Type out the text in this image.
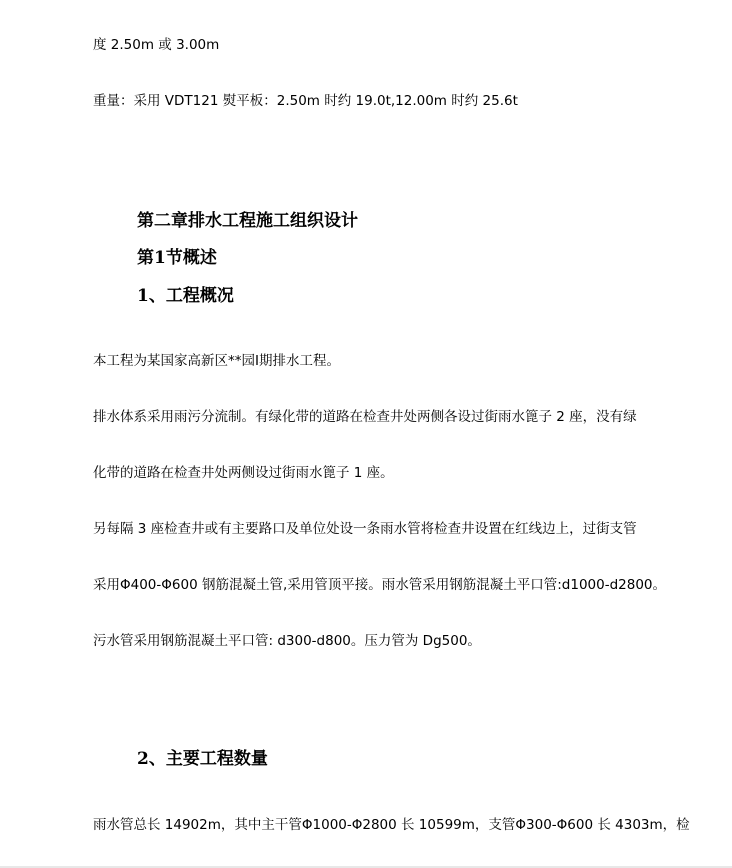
度 2.50m 或 3.00m
重量：采用 VDT121 熨平板：2.50m 时约 19.0t,12.00m 时约 25.6t
第二章排水工程施工组织设计
第1节概述
1、工程概况
本工程为某国家高新区**园Ⅰ期排水工程。
排水体系采用雨污分流制。有绿化带的道路在检查井处两侧各设过街雨水篦子 2 座，没有绿
化带的道路在检查井处两侧设过街雨水篦子 1 座。
另每隔 3 座检查井或有主要路口及单位处设一条雨水管将检查井设置在红线边上，过街支管
采用Φ400-Φ600 钢筋混凝土管,采用管顶平接。雨水管采用钢筋混凝土平口管:d1000-d2800。
污水管采用钢筋混凝土平口管: d300-d800。压力管为 Dg500。
2、主要工程数量
雨水管总长 14902m，其中主干管Φ1000-Φ2800 长 10599m，支管Φ300-Φ600 长 4303m，检
